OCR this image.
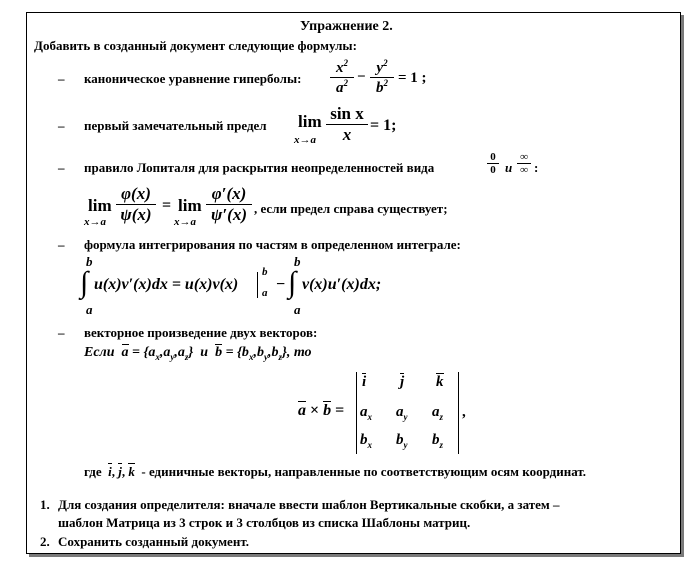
Упражнение 2.
Добавить в созданный документ следующие формулы:
– каноническое уравнение гиперболы: $\frac{x^2}{a^2} - \frac{y^2}{b^2} = 1$ ;
– первый замечательный предел lim
$x\to a \frac{\text{sin x}}{x} = 1$;
– правило Лопиталя для раскрытия неопределенностей вида	$\frac{0}{0}$ и
∞
∞ :
lim
$x\to a \frac{\varphi(x)}{\psi(x)} = \lim$
$x\to a \frac{\varphi'(x)}{\psi'(x)}$ , если предел справа существует;
– формула интегрирования по частям в определенном интеграле:
b
∫
a
u(x)v′(x)dx = u(x)v(x)
b
a −
b
∫
a
v(x)u′(x)dx;
– векторное произведение двух векторов:
Если $a = \{a_x,a_y,a_z\}$ и $b = \{b_x,b_y,b_z\}$, то
a × b =
i j k
$a_x$ $a_y$ $a_z$
$b_x$ $b_y$ $b_z$
,
где i, j, k - единичные векторы, направленные по соответствующим осям координат.
1. Для создания определителя: вначале ввести шаблон Вертикальные скобки, а затем –
шаблон Матрица из 3 строк и 3 столбцов из списка Шаблоны матриц.
2. Сохранить созданный документ.
